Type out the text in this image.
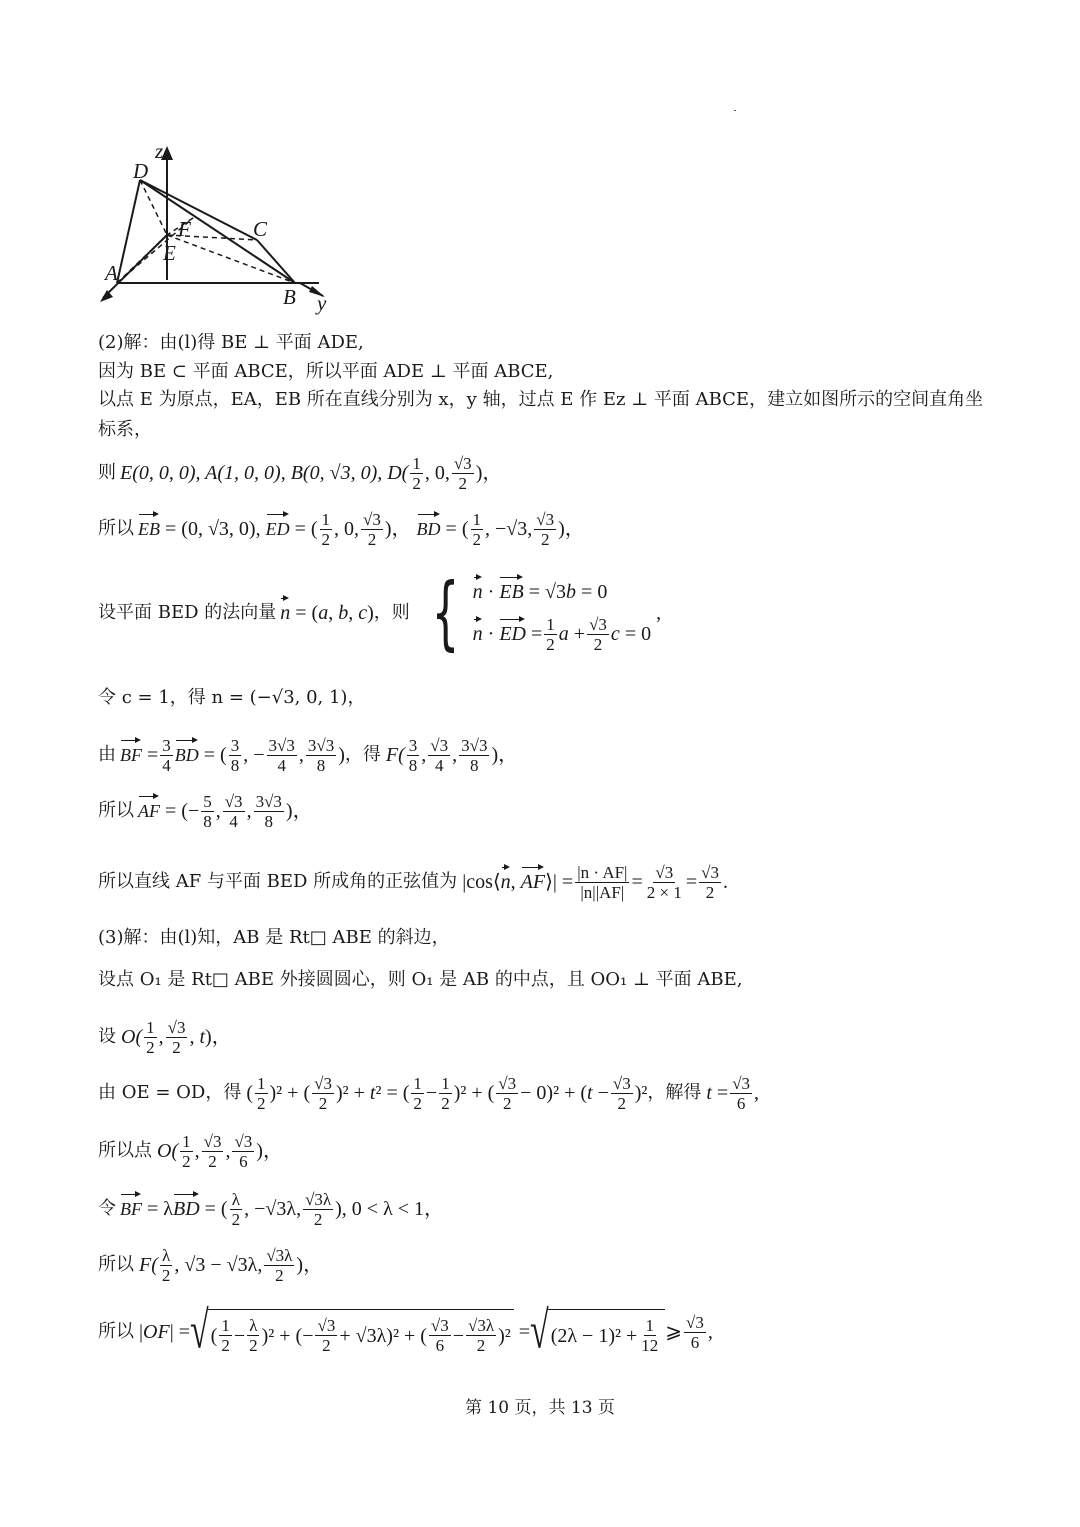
z
D
F	C
E
A
B y
(2)解：由(l)得 BE ⊥ 平面 ADE,
因为 BE ⊂ 平面 ABCE，所以平面 ADE ⊥ 平面 ABCE,
以点 E 为原点，EA，EB 所在直线分别为 x，y 轴，过点 E 作 Ez ⊥ 平面 ABCE，建立如图所示的空间直角坐
标系，
则 E(0, 0, 0), A(1, 0, 0), B(0, √3, 0), $D( \frac{1}{2}$ , 0, $\frac{√3}{2}$ )，
所以 EB = (0, √3, 0), ED = ( $\frac{1}{2}$ , 0, $\frac{√3}{2}$ )， BD = ( $\frac{1}{2}$ , −√3, $\frac{√3}{2}$ )，
设平面 BED 的法向量 n = (a, b, c) ，则 { n · EB = √3 b = 0
n · ED = $\frac{1}{2}$ $a + \frac{√3}{2}$ c = 0
,
令 c = 1，得 n = (−√3, 0, 1)，
由 BF = $\frac{3}{4}$ BD = ( $\frac{3}{8}$ , − $\frac{3√3}{4}$ , $\frac{3√3}{8}$ ) ，得 $F( \frac{3}{8}$ , $\frac{√3}{4}$ , $\frac{3√3}{8}$ )，
所以 AF = (− $\frac{5}{8}$ , $\frac{√3}{4}$ , $\frac{3√3}{8}$ )，
所以直线 AF 与平面 BED 所成角的正弦值为 |cos⟨n, AF⟩| = $\frac{|n \cdot AF|}{|n||AF|} = \frac{√3}{2 \times 1} = \frac{√3}{2}$ .
(3)解：由(l)知，AB 是 Rt□ ABE 的斜边，
设点 O₁ 是 Rt□ ABE 外接圆圆心，则 O₁ 是 AB 的中点，且 OO₁ ⊥ 平面 ABE,
设 $O( \frac{1}{2}$ , $\frac{√3}{2}$ , t)，
由 OE = OD，得 ( $\frac{1}{2} )^2$ + ( $\frac{√3}{2} )^2 + t^2$ = ( $\frac{1}{2} - \frac{1}{2} )^2$ + ( $\frac{√3}{2} - 0)^2 + (t - \frac{√3}{2} )^2$ ，解得 $t = \frac{√3}{6}$ ,
所以点 $O( \frac{1}{2}$ , $\frac{√3}{2}$ , $\frac{√3}{6}$ )，
令 BF = λBD = ( $\frac{\lambda}{2}$ , −√3λ, $\frac{√3\lambda}{2}$ ), 0 < λ < 1，
所以 $F( \frac{\lambda}{2}$ , √3 − √3λ, $\frac{√3\lambda}{2}$ )，
所以 |OF| = √ ( $\frac{1}{2} - \frac{\lambda}{2} )^2$ + (− $\frac{√3}{2} + √3\lambda)^2$ + ( $\frac{√3}{6} - \frac{√3\lambda}{2} )^2$ = √ $(2\lambda - 1)^2 + \frac{1}{12}$ ⩾ $\frac{√3}{6}$ ,
第 10 页，共 13 页
